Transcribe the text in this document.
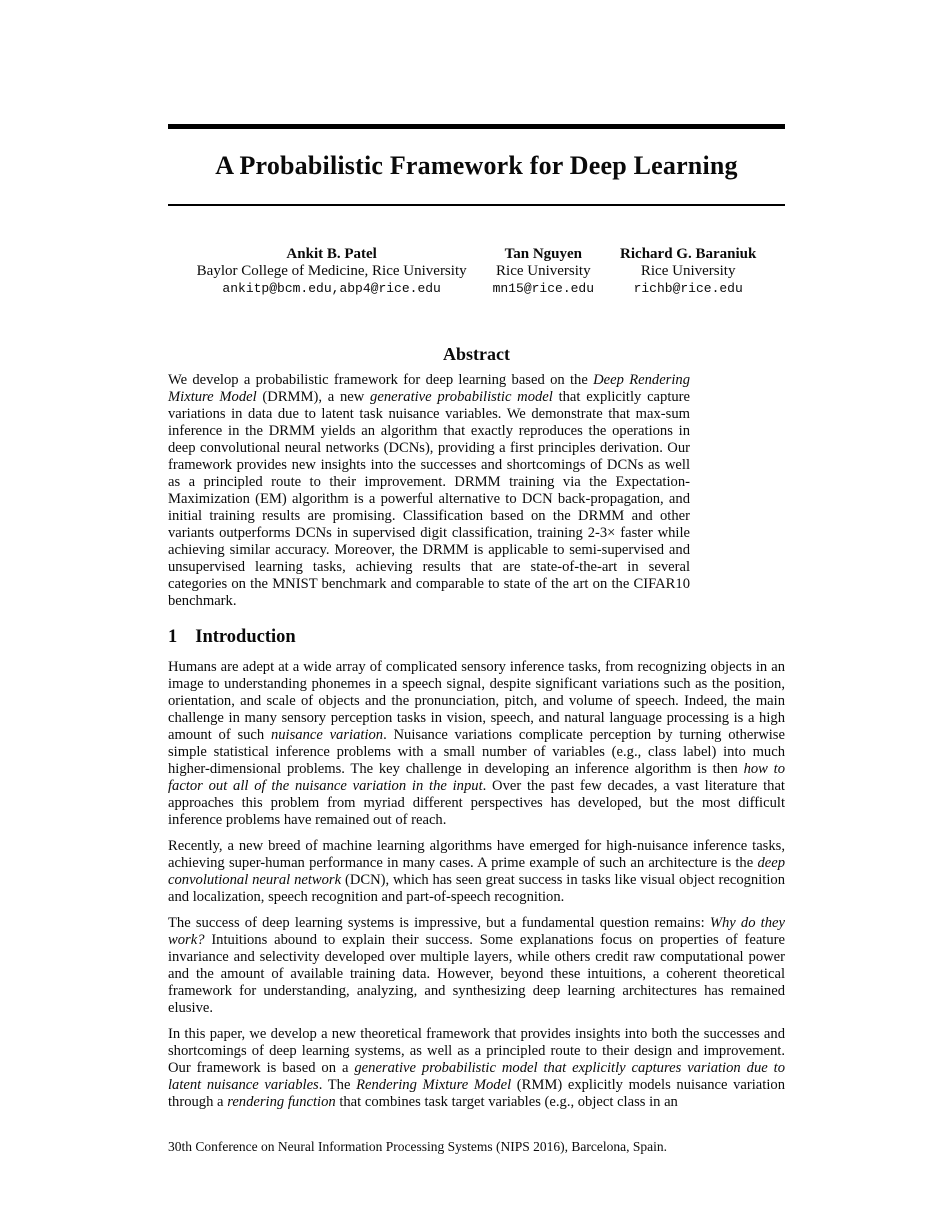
A Probabilistic Framework for Deep Learning
Ankit B. Patel
Baylor College of Medicine, Rice University
ankitp@bcm.edu,abp4@rice.edu
Tan Nguyen
Rice University
mn15@rice.edu
Richard G. Baraniuk
Rice University
richb@rice.edu
Abstract

We develop a probabilistic framework for deep learning based on the Deep Rendering Mixture Model (DRMM), a new generative probabilistic model that explicitly capture variations in data due to latent task nuisance variables. We demonstrate that max-sum inference in the DRMM yields an algorithm that exactly reproduces the operations in deep convolutional neural networks (DCNs), providing a first principles derivation. Our framework provides new insights into the successes and shortcomings of DCNs as well as a principled route to their improvement. DRMM training via the Expectation-Maximization (EM) algorithm is a powerful alternative to DCN back-propagation, and initial training results are promising. Classification based on the DRMM and other variants outperforms DCNs in supervised digit classification, training 2-3× faster while achieving similar accuracy. Moreover, the DRMM is applicable to semi-supervised and unsupervised learning tasks, achieving results that are state-of-the-art in several categories on the MNIST benchmark and comparable to state of the art on the CIFAR10 benchmark.

1 Introduction

Humans are adept at a wide array of complicated sensory inference tasks, from recognizing objects in an image to understanding phonemes in a speech signal, despite significant variations such as the position, orientation, and scale of objects and the pronunciation, pitch, and volume of speech. Indeed, the main challenge in many sensory perception tasks in vision, speech, and natural language processing is a high amount of such nuisance variation. Nuisance variations complicate perception by turning otherwise simple statistical inference problems with a small number of variables (e.g., class label) into much higher-dimensional problems. The key challenge in developing an inference algorithm is then how to factor out all of the nuisance variation in the input. Over the past few decades, a vast literature that approaches this problem from myriad different perspectives has developed, but the most difficult inference problems have remained out of reach.

Recently, a new breed of machine learning algorithms have emerged for high-nuisance inference tasks, achieving super-human performance in many cases. A prime example of such an architecture is the deep convolutional neural network (DCN), which has seen great success in tasks like visual object recognition and localization, speech recognition and part-of-speech recognition.

The success of deep learning systems is impressive, but a fundamental question remains: Why do they work? Intuitions abound to explain their success. Some explanations focus on properties of feature invariance and selectivity developed over multiple layers, while others credit raw computational power and the amount of available training data. However, beyond these intuitions, a coherent theoretical framework for understanding, analyzing, and synthesizing deep learning architectures has remained elusive.

In this paper, we develop a new theoretical framework that provides insights into both the successes and shortcomings of deep learning systems, as well as a principled route to their design and improvement. Our framework is based on a generative probabilistic model that explicitly captures variation due to latent nuisance variables. The Rendering Mixture Model (RMM) explicitly models nuisance variation through a rendering function that combines task target variables (e.g., object class in an

30th Conference on Neural Information Processing Systems (NIPS 2016), Barcelona, Spain.
